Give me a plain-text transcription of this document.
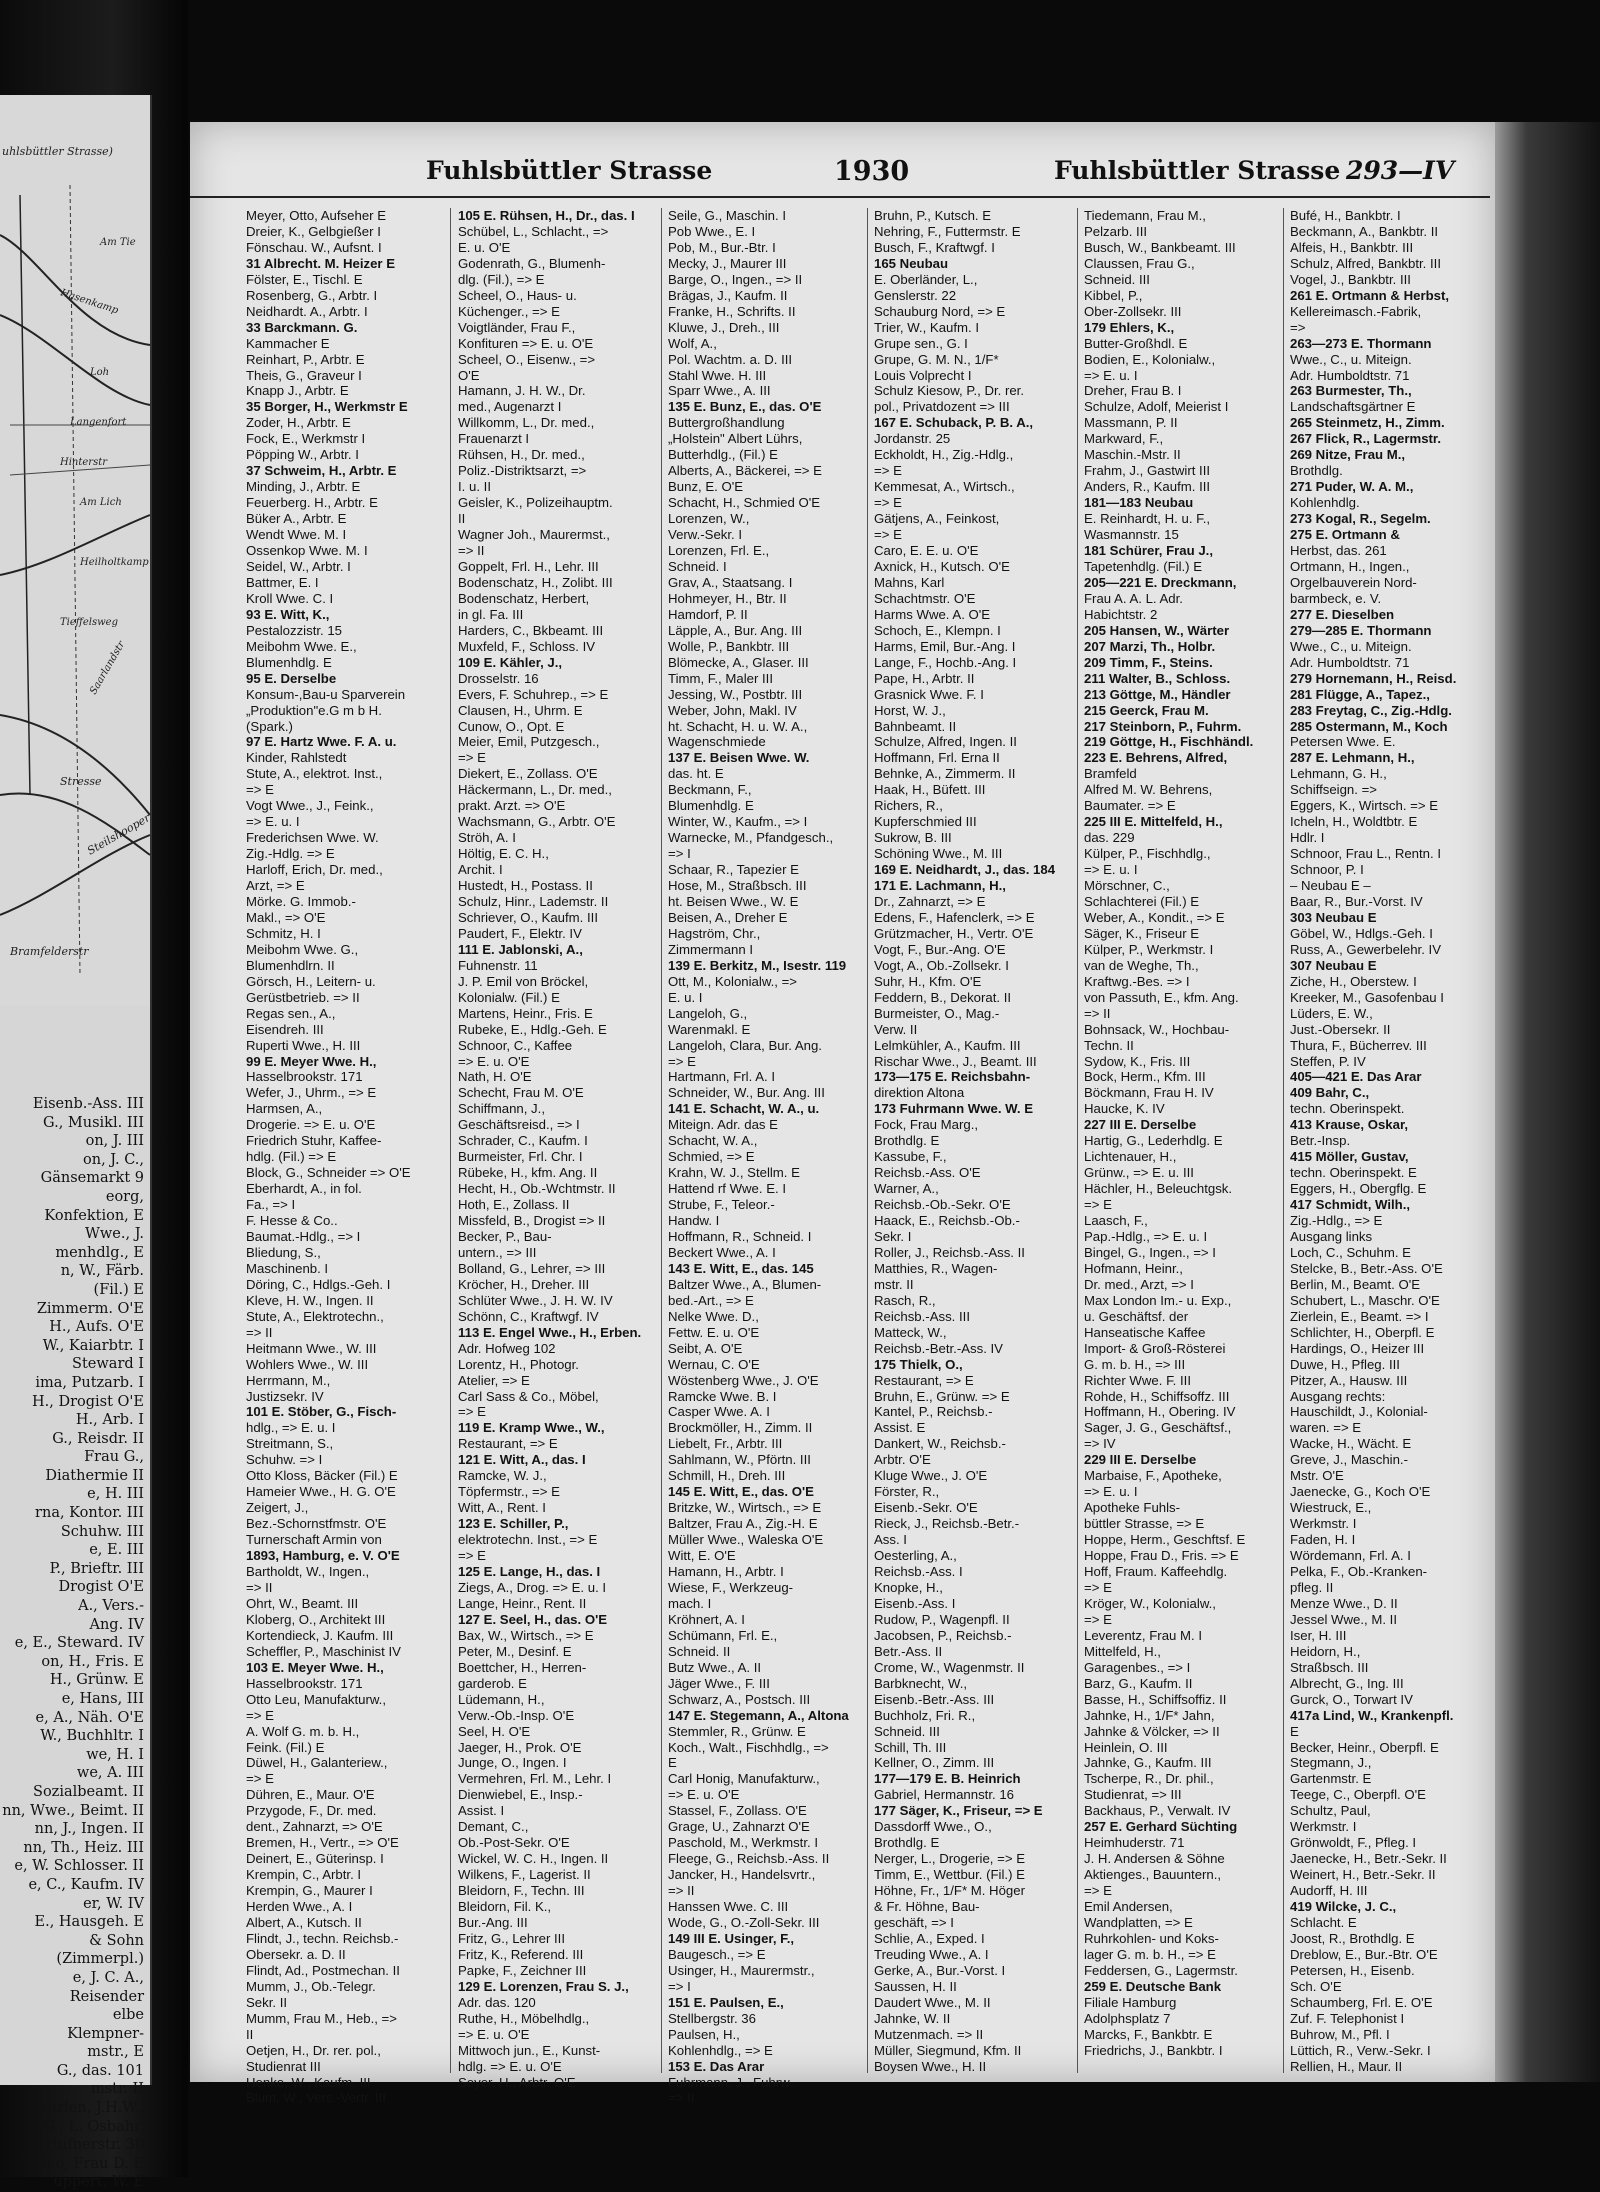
uhlsbüttler Strasse)
Am Tie
Hasenkamp
Loh
Langenfort
Hinterstr
Am Lich
Heilholtkamp
Tieffelsweg
Saarlandstr
Steilshooper
Stresse
Bramfelderstr
Eisenb.-Ass. III
G., Musikl. III
on, J. III
on, J. C.,
Gänsemarkt 9
eorg,
Konfektion, E
Wwe., J.
menhdlg., E
n, W., Färb.
(Fil.) E
Zimmerm. O'E
H., Aufs. O'E
W., Kaiarbtr. I
Steward I
ima, Putzarb. I
H., Drogist O'E
H., Arb. I
G., Reisdr. II
Frau G.,
Diathermie II
e, H. III
rna, Kontor. III
Schuhw. III
e, E. III
P., Brieftr. III
Drogist O'E
A., Vers.-
Ang. IV
e, E., Steward. IV
on, H., Fris. E
H., Grünw. E
e, Hans, III
e, A., Näh. O'E
W., Buchhltr. I
we, H. I
we, A. III
Sozialbeamt. II
nn, Wwe., Beimt. II
nn, J., Ingen. II
nn, Th., Heiz. III
e, W. Schlosser. II
e, C., Kaufm. IV
er, W. IV
E., Hausgeh. E
& Sohn
(Zimmerpl.)
e, J. C. A.,
Reisender
elbe
Klempner-
mstr., E
G., das. 101
mstr. II
aurlen, J.H.W.,
G., L. Osbahr,
Hufnerstr. 30
mo, Frau D. E
uppert, W. E
Fuhlsbüttler Strasse	1930	Fuhlsbüttler Strasse 293—IV
Meyer, Otto, Aufseher E
Dreier, K., Gelbgießer I
Fönschau. W., Aufsnt. I
31 Albrecht. M. Heizer E
Fölster, E., Tischl. E
Rosenberg, G., Arbtr. I
Neidhardt. A., Arbtr. I
33 Barckmann. G.
Kammacher E
Reinhart, P., Arbtr. E
Theis, G., Graveur I
Knapp J., Arbtr. E
35 Borger, H., Werkmstr E
Zoder, H., Arbtr. E
Fock, E., Werkmstr I
Pöpping W., Arbtr. I
37 Schweim, H., Arbtr. E
Minding, J., Arbtr. E
Feuerberg. H., Arbtr. E
Büker A., Arbtr. E
Wendt Wwe. M. I
Ossenkop Wwe. M. I
Seidel, W., Arbtr. I
Battmer, E. I
Kroll Wwe. C. I
93 E. Witt, K.,
Pestalozzistr. 15
Meibohm Wwe. E.,
Blumenhdlg. E
95 E. Derselbe
Konsum-,Bau-u Sparverein
„Produktion"e.G m b H.
(Spark.)
97 E. Hartz Wwe. F. A. u.
Kinder, Rahlstedt
Stute, A., elektrot. Inst.,
=> E
Vogt Wwe., J., Feink.,
=> E. u. I
Frederichsen Wwe. W.
Zig.-Hdlg. => E
Harloff, Erich, Dr. med.,
Arzt, => E
Mörke. G. Immob.-
Makl., => O'E
Schmitz, H. I
Meibohm Wwe. G.,
Blumenhdlrn. II
Görsch, H., Leitern- u.
Gerüstbetrieb. => II
Regas sen., A.,
Eisendreh. III
Ruperti Wwe., H. III
99 E. Meyer Wwe. H.,
Hasselbrookstr. 171
Wefer, J., Uhrm., => E
Harmsen, A.,
Drogerie. => E. u. O'E
Friedrich Stuhr, Kaffee-
hdlg. (Fil.) => E
Block, G., Schneider => O'E
Eberhardt, A., in fol.
Fa., => I
F. Hesse & Co..
Baumat.-Hdlg., => I
Bliedung, S.,
Maschinenb. I
Döring, C., Hdlgs.-Geh. I
Kleve, H. W., Ingen. II
Stute, A., Elektrotechn.,
=> II
Heitmann Wwe., W. III
Wohlers Wwe., W. III
Herrmann, M.,
Justizsekr. IV
101 E. Stöber, G., Fisch-
hdlg., => E. u. I
Streitmann, S.,
Schuhw. => I
Otto Kloss, Bäcker (Fil.) E
Hameier Wwe., H. G. O'E
Zeigert, J.,
Bez.-Schornstfmstr. O'E
Turnerschaft Armin von
1893, Hamburg, e. V. O'E
Bartholdt, W., Ingen.,
=> II
Ohrt, W., Beamt. III
Kloberg, O., Architekt III
Kortendieck, J. Kaufm. III
Scheffler, P., Maschinist IV
103 E. Meyer Wwe. H.,
Hasselbrookstr. 171
Otto Leu, Manufakturw.,
=> E
A. Wolf G. m. b. H.,
Feink. (Fil.) E
Düwel, H., Galanteriew.,
=> E
Dühren, E., Maur. O'E
Przygode, F., Dr. med.
dent., Zahnarzt, => O'E
Bremen, H., Vertr., => O'E
Deinert, E., Güterinsp. I
Krempin, C., Arbtr. I
Krempin, G., Maurer I
Herden Wwe., A. I
Albert, A., Kutsch. II
Flindt, J., techn. Reichsb.-
Obersekr. a. D. II
Flindt, Ad., Postmechan. II
Mumm, J., Ob.-Telegr.
Sekr. II
Mumm, Frau M., Heb., =>
II
Oetjen, H., Dr. rer. pol.,
Studienrat III
Henke, W., Kaufm. III
Blum, W., Vers.-Vertr. III
105 E. Rühsen, H., Dr., das. I
Schübel, L., Schlacht., =>
E. u. O'E
Godenrath, G., Blumenh-
dlg. (Fil.), => E
Scheel, O., Haus- u.
Küchenger., => E
Voigtländer, Frau F.,
Konfituren => E. u. O'E
Scheel, O., Eisenw., =>
O'E
Hamann, J. H. W., Dr.
med., Augenarzt I
Willkomm, L., Dr. med.,
Frauenarzt I
Rühsen, H., Dr. med.,
Poliz.-Distriktsarzt, =>
I. u. II
Geisler, K., Polizeihauptm.
II
Wagner Joh., Maurermst.,
=> II
Goppelt, Frl. H., Lehr. III
Bodenschatz, H., Zolibt. III
Bodenschatz, Herbert,
in gl. Fa. III
Harders, C., Bkbeamt. III
Muxfeld, F., Schloss. IV
109 E. Kähler, J.,
Drosselstr. 16
Evers, F. Schuhrep., => E
Clausen, H., Uhrm. E
Cunow, O., Opt. E
Meier, Emil, Putzgesch.,
=> E
Diekert, E., Zollass. O'E
Häckermann, L., Dr. med.,
prakt. Arzt. => O'E
Wachsmann, G., Arbtr. O'E
Ströh, A. I
Höltig, E. C. H.,
Archit. I
Hustedt, H., Postass. II
Schulz, Hinr., Lademstr. II
Schriever, O., Kaufm. III
Paudert, F., Elektr. IV
111 E. Jablonski, A.,
Fuhnenstr. 11
J. P. Emil von Bröckel,
Kolonialw. (Fil.) E
Martens, Heinr., Fris. E
Rubeke, E., Hdlg.-Geh. E
Schnoor, C., Kaffee
=> E. u. O'E
Nath, H. O'E
Schecht, Frau M. O'E
Schiffmann, J.,
Geschäftsreisd., => I
Schrader, C., Kaufm. I
Burmeister, Frl. Chr. I
Rübeke, H., kfm. Ang. II
Hecht, H., Ob.-Wchtmstr. II
Hoth, E., Zollass. II
Missfeld, B., Drogist => II
Becker, P., Bau-
untern., => III
Bolland, G., Lehrer, => III
Kröcher, H., Dreher. III
Schlüter Wwe., J. H. W. IV
Schönn, C., Kraftwgf. IV
113 E. Engel Wwe., H., Erben.
Adr. Hofweg 102
Lorentz, H., Photogr.
Atelier, => E
Carl Sass & Co., Möbel,
=> E
119 E. Kramp Wwe., W.,
Restaurant, => E
121 E. Witt, A., das. I
Ramcke, W. J.,
Töpfermstr., => E
Witt, A., Rent. I
123 E. Schiller, P.,
elektrotechn. Inst., => E
=> E
125 E. Lange, H., das. I
Ziegs, A., Drog. => E. u. I
Lange, Heinr., Rent. II
127 E. Seel, H., das. O'E
Bax, W., Wirtsch., => E
Peter, M., Desinf. E
Boettcher, H., Herren-
garderob. E
Lüdemann, H.,
Verw.-Ob.-Insp. O'E
Seel, H. O'E
Jaeger, H., Prok. O'E
Junge, O., Ingen. I
Vermehren, Frl. M., Lehr. I
Dienwiebel, E., Insp.-
Assist. I
Demant, C.,
Ob.-Post-Sekr. O'E
Wickel, W. C. H., Ingen. II
Wilkens, F., Lagerist. II
Bleidorn, F., Techn. III
Bleidorn, Fil. K.,
Bur.-Ang. III
Fritz, G., Lehrer III
Fritz, K., Referend. III
Papke, F., Zeichner III
129 E. Lorenzen, Frau S. J.,
Adr. das. 120
Ruthe, H., Möbelhdlg.,
=> E. u. O'E
Mittwoch jun., E., Kunst-
hdlg. => E. u. O'E
Seyer, H., Arbtr. O'E
Seile, G., Maschin. I
Pob Wwe., E. I
Pob, M., Bur.-Btr. I
Mecky, J., Maurer III
Barge, O., Ingen., => II
Brägas, J., Kaufm. II
Franke, H., Schrifts. II
Kluwe, J., Dreh., III
Wolf, A.,
Pol. Wachtm. a. D. III
Stahl Wwe. H. III
Sparr Wwe., A. III
135 E. Bunz, E., das. O'E
Buttergroßhandlung
„Holstein" Albert Lührs,
Butterhdlg., (Fil.) E
Alberts, A., Bäckerei, => E
Bunz, E. O'E
Schacht, H., Schmied O'E
Lorenzen, W.,
Verw.-Sekr. I
Lorenzen, Frl. E.,
Schneid. I
Grav, A., Staatsang. I
Hohmeyer, H., Btr. II
Hamdorf, P. II
Läpple, A., Bur. Ang. III
Wolle, P., Bankbtr. III
Blömecke, A., Glaser. III
Timm, F., Maler III
Jessing, W., Postbtr. III
Weber, John, Makl. IV
ht. Schacht, H. u. W. A.,
Wagenschmiede
137 E. Beisen Wwe. W.
das. ht. E
Beckmann, F.,
Blumenhdlg. E
Winter, W., Kaufm., => I
Warnecke, M., Pfandgesch.,
=> I
Schaar, R., Tapezier E
Hose, M., Straßbsch. III
ht. Beisen Wwe., W. E
Beisen, A., Dreher E
Hagström, Chr.,
Zimmermann I
139 E. Berkitz, M., Isestr. 119
Ott, M., Kolonialw., =>
E. u. I
Langeloh, G.,
Warenmakl. E
Langeloh, Clara, Bur. Ang.
=> E
Hartmann, Frl. A. I
Schneider, W., Bur. Ang. III
141 E. Schacht, W. A., u.
Miteign. Adr. das E
Schacht, W. A.,
Schmied, => E
Krahn, W. J., Stellm. E
Hattend rf Wwe. E. I
Strube, F., Teleor.-
Handw. I
Hoffmann, R., Schneid. I
Beckert Wwe., A. I
143 E. Witt, E., das. 145
Baltzer Wwe., A., Blumen-
bed.-Art., => E
Nelke Wwe. D.,
Fettw. E. u. O'E
Seibt, A. O'E
Wernau, C. O'E
Wöstenberg Wwe., J. O'E
Ramcke Wwe. B. I
Casper Wwe. A. I
Brockmöller, H., Zimm. II
Liebelt, Fr., Arbtr. III
Sahlmann, W., Pförtn. III
Schmill, H., Dreh. III
145 E. Witt, E., das. O'E
Britzke, W., Wirtsch., => E
Baltzer, Frau A., Zig.-H. E
Müller Wwe., Waleska O'E
Witt, E. O'E
Hamann, H., Arbtr. I
Wiese, F., Werkzeug-
mach. I
Kröhnert, A. I
Schümann, Frl. E.,
Schneid. II
Butz Wwe., A. II
Jäger Wwe., F. III
Schwarz, A., Postsch. III
147 E. Stegemann, A., Altona
Stemmler, R., Grünw. E
Koch., Walt., Fischhdlg., =>
E
Carl Honig, Manufakturw.,
=> E. u. O'E
Stassel, F., Zollass. O'E
Grage, U., Zahnarzt O'E
Paschold, M., Werkmstr. I
Fleege, G., Reichsb.-Ass. II
Jancker, H., Handelsvrtr.,
=> II
Hanssen Wwe. C. III
Wode, G., O.-Zoll-Sekr. III
149 III E. Usinger, F.,
Baugesch., => E
Usinger, H., Maurermstr.,
=> I
151 E. Paulsen, E.,
Stellbergstr. 36
Paulsen, H.,
Kohlenhdlg., => E
153 E. Das Arar
Fuhrmann, J., Fuhrw.,
=> II
Bruhn, P., Kutsch. E
Nehring, F., Futtermstr. E
Busch, F., Kraftwgf. I
165 Neubau
E. Oberländer, L.,
Genslerstr. 22
Schauburg Nord, => E
Trier, W., Kaufm. I
Grupe sen., G. I
Grupe, G. M. N., 1/F*
Louis Volprecht I
Schulz Kiesow, P., Dr. rer.
pol., Privatdozent => III
167 E. Schuback, P. B. A.,
Jordanstr. 25
Eckholdt, H., Zig.-Hdlg.,
=> E
Kemmesat, A., Wirtsch.,
=> E
Gätjens, A., Feinkost,
=> E
Caro, E. E. u. O'E
Axnick, H., Kutsch. O'E
Mahns, Karl
Schachtmstr. O'E
Harms Wwe. A. O'E
Schoch, E., Klempn. I
Harms, Emil, Bur.-Ang. I
Lange, F., Hochb.-Ang. I
Pape, H., Arbtr. II
Grasnick Wwe. F. I
Horst, W. J.,
Bahnbeamt. II
Schulze, Alfred, Ingen. II
Hoffmann, Frl. Erna II
Behnke, A., Zimmerm. II
Haak, H., Büfett. III
Richers, R.,
Kupferschmied III
Sukrow, B. III
Schöning Wwe., M. III
169 E. Neidhardt, J., das. 184
171 E. Lachmann, H.,
Dr., Zahnarzt, => E
Edens, F., Hafenclerk, => E
Grützmacher, H., Vertr. O'E
Vogt, F., Bur.-Ang. O'E
Vogt, A., Ob.-Zollsekr. I
Suhr, H., Kfm. O'E
Feddern, B., Dekorat. II
Burmeister, O., Mag.-
Verw. II
Lelmkühler, A., Kaufm. III
Rischar Wwe., J., Beamt. III
173—175 E. Reichsbahn-
direktion Altona
173 Fuhrmann Wwe. W. E
Fock, Frau Marg.,
Brothdlg. E
Kassube, F.,
Reichsb.-Ass. O'E
Warner, A.,
Reichsb.-Ob.-Sekr. O'E
Haack, E., Reichsb.-Ob.-
Sekr. I
Roller, J., Reichsb.-Ass. II
Matthies, R., Wagen-
mstr. II
Rasch, R.,
Reichsb.-Ass. III
Matteck, W.,
Reichsb.-Betr.-Ass. IV
175 Thielk, O.,
Restaurant, => E
Bruhn, E., Grünw. => E
Kantel, P., Reichsb.-
Assist. E
Dankert, W., Reichsb.-
Arbtr. O'E
Kluge Wwe., J. O'E
Förster, R.,
Eisenb.-Sekr. O'E
Rieck, J., Reichsb.-Betr.-
Ass. I
Oesterling, A.,
Reichsb.-Ass. I
Knopke, H.,
Eisenb.-Ass. I
Rudow, P., Wagenpfl. II
Jacobsen, P., Reichsb.-
Betr.-Ass. II
Crome, W., Wagenmstr. II
Barbknecht, W.,
Eisenb.-Betr.-Ass. III
Buchholz, Fri. R.,
Schneid. III
Schill, Th. III
Kellner, O., Zimm. III
177—179 E. B. Heinrich
Gabriel, Hermannstr. 16
177 Säger, K., Friseur, => E
Dassdorff Wwe., O.,
Brothdlg. E
Nerger, L., Drogerie, => E
Timm, E., Wettbur. (Fil.) E
Höhne, Fr., 1/F* M. Höger
& Fr. Höhne, Bau-
geschäft, => I
Schlie, A., Exped. I
Treuding Wwe., A. I
Gerke, A., Bur.-Vorst. I
Saussen, H. II
Daudert Wwe., M. II
Jahnke, W. II
Mutzenmach. => II
Müller, Siegmund, Kfm. II
Boysen Wwe., H. II
Tiedemann, Frau M.,
Pelzarb. III
Busch, W., Bankbeamt. III
Claussen, Frau G.,
Schneid. III
Kibbel, P.,
Ober-Zollsekr. III
179 Ehlers, K.,
Butter-Großhdl. E
Bodien, E., Kolonialw.,
=> E. u. I
Dreher, Frau B. I
Schulze, Adolf, Meierist I
Massmann, P. II
Markward, F.,
Maschin.-Mstr. II
Frahm, J., Gastwirt III
Anders, R., Kaufm. III
181—183 Neubau
E. Reinhardt, H. u. F.,
Wasmannstr. 15
181 Schürer, Frau J.,
Tapetenhdlg. (Fil.) E
205—221 E. Dreckmann,
Frau A. A. L. Adr.
Habichtstr. 2
205 Hansen, W., Wärter
207 Marzi, Th., Holbr.
209 Timm, F., Steins.
211 Walter, B., Schloss.
213 Göttge, M., Händler
215 Geerck, Frau M.
217 Steinborn, P., Fuhrm.
219 Göttge, H., Fischhändl.
223 E. Behrens, Alfred,
Bramfeld
Alfred M. W. Behrens,
Baumater. => E
225 III E. Mittelfeld, H.,
das. 229
Külper, P., Fischhdlg.,
=> E. u. I
Mörschner, C.,
Schlachterei (Fil.) E
Weber, A., Kondit., => E
Säger, K., Friseur E
Külper, P., Werkmstr. I
van de Weghe, Th.,
Kraftwg.-Bes. => I
von Passuth, E., kfm. Ang.
=> II
Bohnsack, W., Hochbau-
Techn. II
Sydow, K., Fris. III
Bock, Herm., Kfm. III
Böckmann, Frau H. IV
Haucke, K. IV
227 III E. Derselbe
Hartig, G., Lederhdlg. E
Lichtenauer, H.,
Grünw., => E. u. III
Hächler, H., Beleuchtgsk.
=> E
Laasch, F.,
Pap.-Hdlg., => E. u. I
Bingel, G., Ingen., => I
Hofmann, Heinr.,
Dr. med., Arzt, => I
Max London Im.- u. Exp.,
u. Geschäftsf. der
Hanseatische Kaffee
Import- & Groß-Rösterei
G. m. b. H., => III
Richter Wwe. F. III
Rohde, H., Schiffsoffz. III
Hoffmann, H., Obering. IV
Sager, J. G., Geschäftsf.,
=> IV
229 III E. Derselbe
Marbaise, F., Apotheke,
=> E. u. I
Apotheke Fuhls-
büttler Strasse, => E
Hoppe, Herm., Geschftsf. E
Hoppe, Frau D., Fris. => E
Hoff, Fraum. Kaffeehdlg.
=> E
Kröger, W., Kolonialw.,
=> E
Leverentz, Frau M. I
Mittelfeld, H.,
Garagenbes., => I
Barz, G., Kaufm. II
Basse, H., Schiffsoffiz. II
Jahnke, H., 1/F* Jahn,
Jahnke & Völcker, => II
Heinlein, O. III
Jahnke, G., Kaufm. III
Tscherpe, R., Dr. phil.,
Studienrat, => III
Backhaus, P., Verwalt. IV
257 E. Gerhard Süchting
Heimhuderstr. 71
J. H. Andersen & Söhne
Aktienges., Bauuntern.,
=> E
Emil Andersen,
Wandplatten, => E
Ruhrkohlen- und Koks-
lager G. m. b. H., => E
Feddersen, G., Lagermstr.
259 E. Deutsche Bank
Filiale Hamburg
Adolphsplatz 7
Marcks, F., Bankbtr. E
Friedrichs, J., Bankbtr. I
Bufé, H., Bankbtr. I
Beckmann, A., Bankbtr. II
Alfeis, H., Bankbtr. III
Schulz, Alfred, Bankbtr. III
Vogel, J., Bankbtr. III
261 E. Ortmann & Herbst,
Kellereimasch.-Fabrik,
=>
263—273 E. Thormann
Wwe., C., u. Miteign.
Adr. Humboldtstr. 71
263 Burmester, Th.,
Landschaftsgärtner E
265 Steinmetz, H., Zimm.
267 Flick, R., Lagermstr.
269 Nitze, Frau M.,
Brothdlg.
271 Puder, W. A. M.,
Kohlenhdlg.
273 Kogal, R., Segelm.
275 E. Ortmann &
Herbst, das. 261
Ortmann, H., Ingen.,
Orgelbauverein Nord-
barmbeck, e. V.
277 E. Dieselben
279—285 E. Thormann
Wwe., C., u. Miteign.
Adr. Humboldtstr. 71
279 Hornemann, H., Reisd.
281 Flügge, A., Tapez.,
283 Freytag, C., Zig.-Hdlg.
285 Ostermann, M., Koch
Petersen Wwe. E.
287 E. Lehmann, H.,
Lehmann, G. H.,
Schiffseign. =>
Eggers, K., Wirtsch. => E
Icheln, H., Woldtbtr. E
Hdlr. I
Schnoor, Frau L., Rentn. I
Schnoor, P. I
– Neubau E –
Baar, R., Bur.-Vorst. IV
303 Neubau E
Göbel, W., Hdlgs.-Geh. I
Russ, A., Gewerbelehr. IV
307 Neubau E
Ziche, H., Oberstew. I
Kreeker, M., Gasofenbau I
Lüders, E. W.,
Just.-Obersekr. II
Thura, F., Bücherrev. III
Steffen, P. IV
405—421 E. Das Arar
409 Bahr, C.,
techn. Oberinspekt.
413 Krause, Oskar,
Betr.-Insp.
415 Möller, Gustav,
techn. Oberinspekt. E
Eggers, H., Obergflg. E
417 Schmidt, Wilh.,
Zig.-Hdlg., => E
Ausgang links
Loch, C., Schuhm. E
Stelcke, B., Betr.-Ass. O'E
Berlin, M., Beamt. O'E
Schubert, L., Maschr. O'E
Zierlein, E., Beamt. => I
Schlichter, H., Oberpfl. E
Hardings, O., Heizer III
Duwe, H., Pfleg. III
Pitzer, A., Hausw. III
Ausgang rechts:
Hauschildt, J., Kolonial-
waren. => E
Wacke, H., Wächt. E
Greve, J., Maschin.-
Mstr. O'E
Jaenecke, G., Koch O'E
Wiestruck, E.,
Werkmstr. I
Faden, H. I
Wördemann, Frl. A. I
Pelka, F., Ob.-Kranken-
pfleg. II
Menze Wwe., D. II
Jessel Wwe., M. II
Iser, H. III
Heidorn, H.,
Straßbsch. III
Albrecht, G., Ing. III
Gurck, O., Torwart IV
417a Lind, W., Krankenpfl.
E
Becker, Heinr., Oberpfl. E
Stegmann, J.,
Gartenmstr. E
Teege, C., Oberpfl. O'E
Schultz, Paul,
Werkmstr. I
Grönwoldt, F., Pfleg. I
Jaenecke, H., Betr.-Sekr. II
Weinert, H., Betr.-Sekr. II
Audorff, H. III
419 Wilcke, J. C.,
Schlacht. E
Joost, R., Brothdlg. E
Dreblow, E., Bur.-Btr. O'E
Petersen, H., Eisenb.
Sch. O'E
Schaumberg, Frl. E. O'E
Zuf. F. Telephonist I
Buhrow, M., Pfl. I
Lüttich, R., Verw.-Sekr. I
Rellien, H., Maur. II
